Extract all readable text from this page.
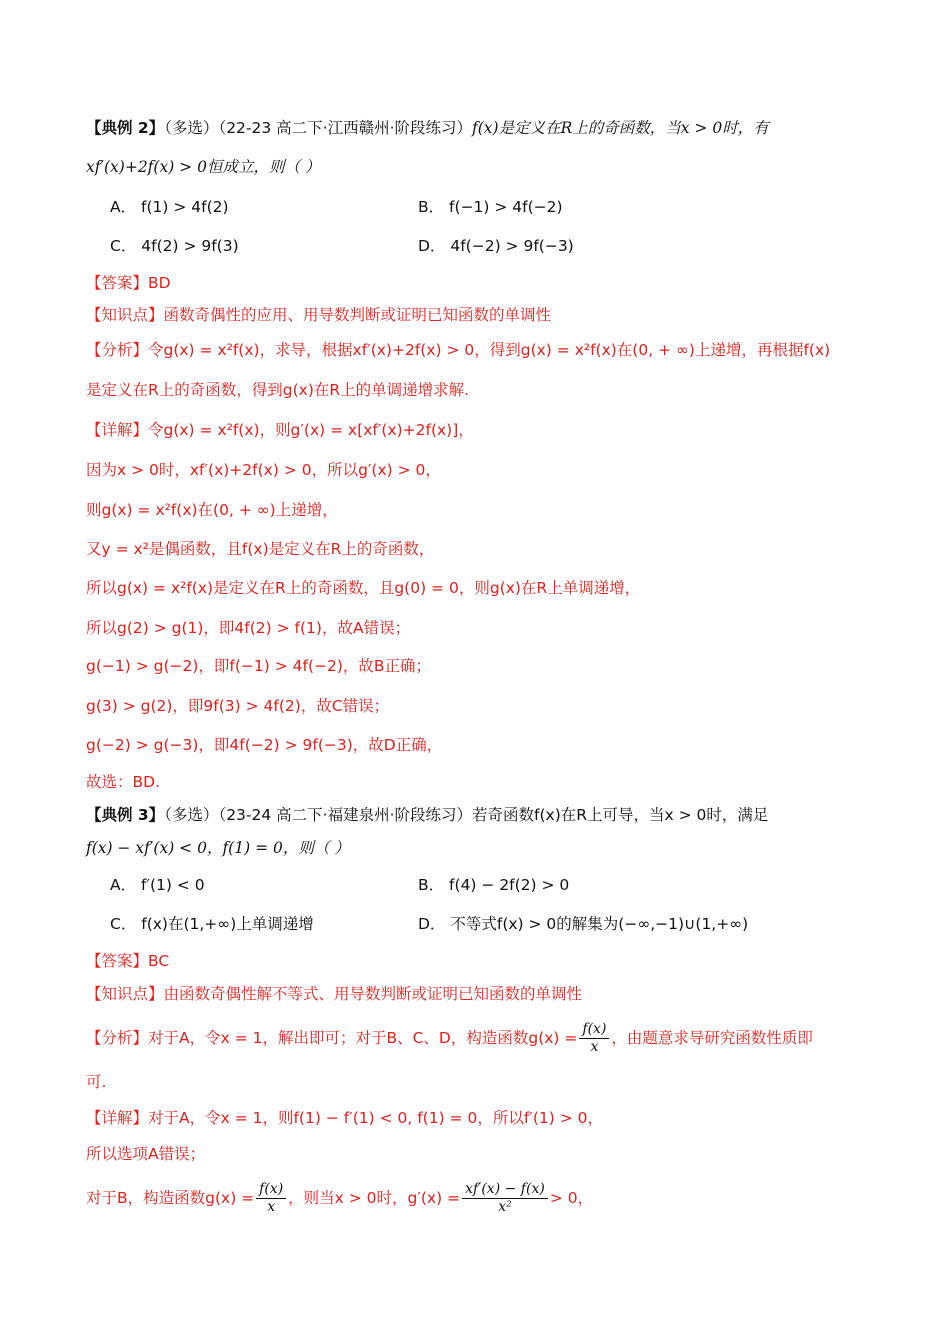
【典例 2】（多选）（22-23 高二下·江西赣州·阶段练习）f(x)是定义在R上的奇函数，当x > 0时，有
xf′(x)+2f(x) > 0恒成立，则（ ）
A． f(1) > 4f(2)	B． f(−1) > 4f(−2)
C． 4f(2) > 9f(3)	D． 4f(−2) > 9f(−3)
【答案】BD
【知识点】函数奇偶性的应用、用导数判断或证明已知函数的单调性
【分析】令g(x) = x²f(x)，求导，根据xf′(x)+2f(x) > 0，得到g(x) = x²f(x)在(0, + ∞)上递增，再根据f(x)
是定义在R上的奇函数，得到g(x)在R上的单调递增求解.
【详解】令g(x) = x²f(x)，则g′(x) = x[xf′(x)+2f(x)]，
因为x > 0时，xf′(x)+2f(x) > 0，所以g′(x) > 0，
则g(x) = x²f(x)在(0, + ∞)上递增，
又y = x²是偶函数，且f(x)是定义在R上的奇函数，
所以g(x) = x²f(x)是定义在R上的奇函数，且g(0) = 0，则g(x)在R上单调递增，
所以g(2) > g(1)，即4f(2) > f(1)，故A错误；
g(−1) > g(−2)，即f(−1) > 4f(−2)，故B正确；
g(3) > g(2)，即9f(3) > 4f(2)，故C错误；
g(−2) > g(−3)，即4f(−2) > 9f(−3)，故D正确，
故选：BD.
【典例 3】（多选）（23-24 高二下·福建泉州·阶段练习）若奇函数f(x)在R上可导，当x > 0时，满足
f(x) − xf′(x) < 0，f(1) = 0，则（ ）
A． f′(1) < 0	B． f(4) − 2f(2) > 0
C． f(x)在(1,+∞)上单调递增	D． 不等式f(x) > 0的解集为(−∞,−1)∪(1,+∞)
【答案】BC
【知识点】由函数奇偶性解不等式、用导数判断或证明已知函数的单调性
【分析】对于A，令x = 1，解出即可；对于B、C、D，构造函数$g(x) = \frac{f(x)}{x}$ ，由题意求导研究函数性质即
可.
【详解】对于A，令x = 1，则f(1) − f′(1) < 0, f(1) = 0，所以f′(1) > 0，
所以选项A错误；
对于B，构造函数$g(x) = \frac{f(x)}{x}$ ，则当x > 0时，$g'(x) = \frac{xf'(x) - f(x)}{\text{x²}} > 0$，
